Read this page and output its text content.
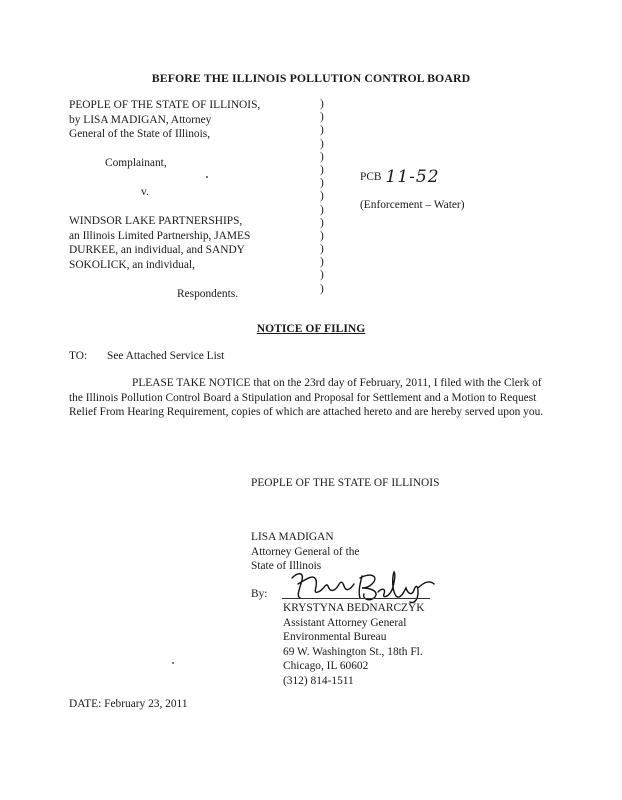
BEFORE THE ILLINOIS POLLUTION CONTROL BOARD
PEOPLE OF THE STATE OF ILLINOIS,
by LISA MADIGAN, Attorney
General of the State of Illinois,
Complainant,
v.
WINDSOR LAKE PARTNERSHIPS,
an Illinois Limited Partnership, JAMES
DURKEE, an individual, and SANDY
SOKOLICK, an individual,
Respondents.
)
)
)
)
)
)
)
)
)
)
)
)
)
)
)
PCB 11-52
(Enforcement – Water)
NOTICE OF FILING
TO: See Attached Service List
PLEASE TAKE NOTICE that on the 23rd day of February, 2011, I filed with the Clerk of the Illinois Pollution Control Board a Stipulation and Proposal for Settlement and a Motion to Request Relief From Hearing Requirement, copies of which are attached hereto and are hereby served upon you.
PEOPLE OF THE STATE OF ILLINOIS
LISA MADIGAN
Attorney General of the
State of Illinois
By:
KRYSTYNA BEDNARCZYK
Assistant Attorney General
Environmental Bureau
69 W. Washington St., 18th Fl.
Chicago, IL 60602
(312) 814-1511
DATE: February 23, 2011
